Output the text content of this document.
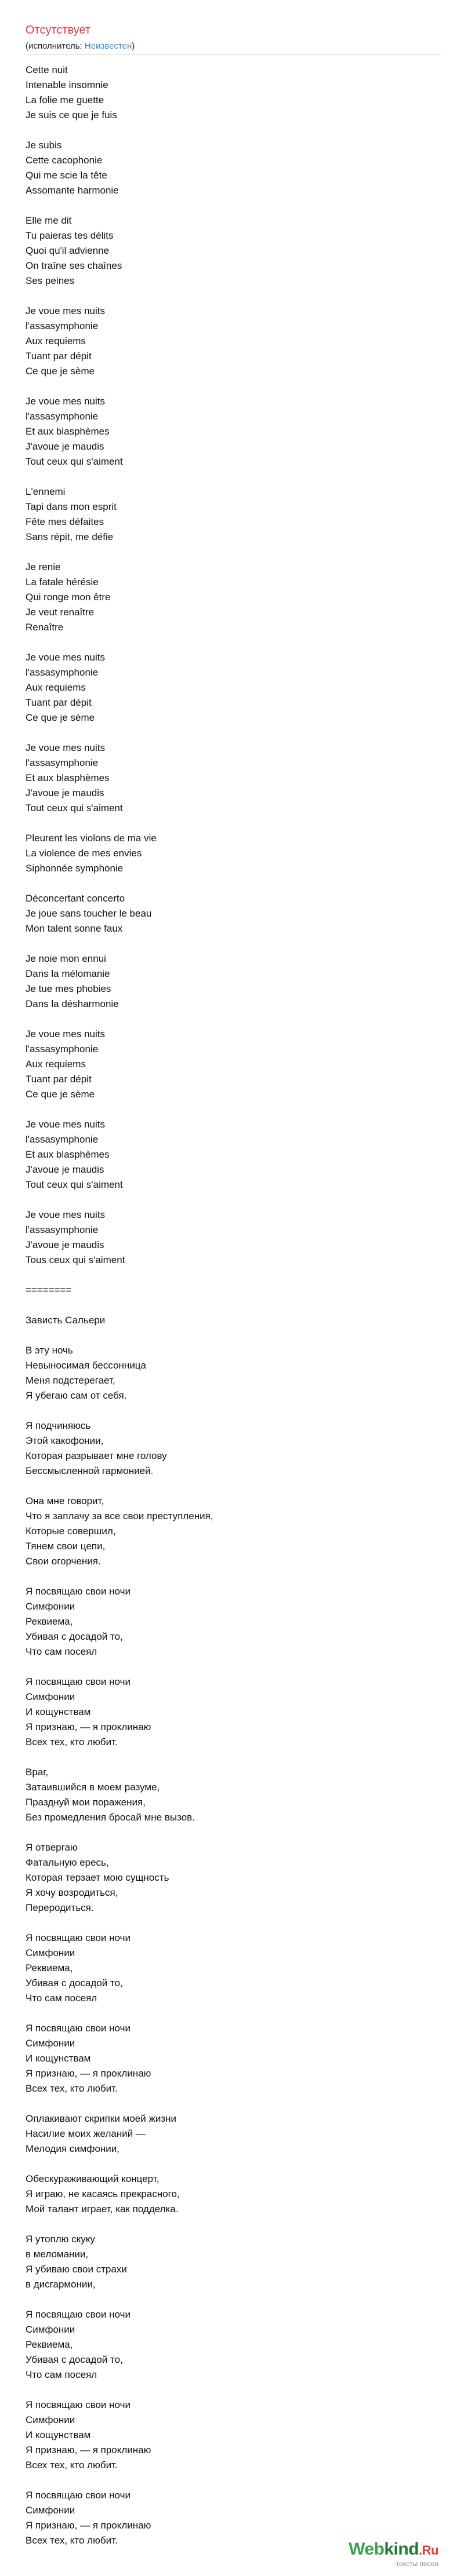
Отсутствует
(исполнитель: Неизвестен)
Cette nuit
Intenable insomnie
La folie me guette
Je suis ce que je fuis
Je subis
Cette cacophonie
Qui me scie la tête
Assomante harmonie
Elle me dit
Tu paieras tes délits
Quoi qu'il advienne
On traîne ses chaînes
Ses peines
Je voue mes nuits
l'assasymphonie
Aux requiems
Tuant par dépit
Ce que je sème
Je voue mes nuits
l'assasymphonie
Et aux blasphèmes
J'avoue je maudis
Tout ceux qui s'aiment
L'ennemi
Tapi dans mon esprit
Fête mes défaites
Sans répit, me défie
Je renie
La fatale hérésie
Qui ronge mon être
Je veut renaître
Renaître
Je voue mes nuits
l'assasymphonie
Aux requiems
Tuant par dépit
Ce que je sème
Je voue mes nuits
l'assasymphonie
Et aux blasphèmes
J'avoue je maudis
Tout ceux qui s'aiment
Pleurent les violons de ma vie
La violence de mes envies
Siphonnée symphonie
Déconcertant concerto
Je joue sans toucher le beau
Mon talent sonne faux
Je noie mon ennui
Dans la mélomanie
Je tue mes phobies
Dans la désharmonie
Je voue mes nuits
l'assasymphonie
Aux requiems
Tuant par dépit
Ce que je sème
Je voue mes nuits
l'assasymphonie
Et aux blasphèmes
J'avoue je maudis
Tout ceux qui s'aiment
Je voue mes nuits
l'assasymphonie
J'avoue je maudis
Tous ceux qui s'aiment
========
Зависть Сальери
В эту ночь
Невыносимая бессонница
Меня подстерегает,
Я убегаю сам от себя.
Я подчиняюсь
Этой какофонии,
Которая разрывает мне голову
Бессмысленной гармонией.
Она мне говорит,
Что я заплачу за все свои преступления,
Которые совершил,
Тянем свои цепи,
Свои огорчения.
Я посвящаю свои ночи
Симфонии
Реквиема,
Убивая с досадой то,
Что сам посеял
Я посвящаю свои ночи
Симфонии
И кощунствам
Я признаю, — я проклинаю
Всех тех, кто любит.
Враг,
Затаившийся в моем разуме,
Празднуй мои поражения,
Без промедления бросай мне вызов.
Я отвергаю
Фатальную ересь,
Которая терзает мою сущность
Я хочу возродиться,
Переродиться.
Я посвящаю свои ночи
Симфонии
Реквиема,
Убивая с досадой то,
Что сам посеял
Я посвящаю свои ночи
Симфонии
И кощунствам
Я признаю, — я проклинаю
Всех тех, кто любит.
Оплакивают скрипки моей жизни
Насилие моих желаний —
Мелодия симфонии,
Обескураживающий концерт,
Я играю, не касаясь прекрасного,
Мой талант играет, как подделка.
Я утоплю скуку
в меломании,
Я убиваю свои страхи
в дисгармонии,
Я посвящаю свои ночи
Симфонии
Реквиема,
Убивая с досадой то,
Что сам посеял
Я посвящаю свои ночи
Симфонии
И кощунствам
Я признаю, — я проклинаю
Всех тех, кто любит.
Я посвящаю свои ночи
Симфонии
Я признаю, — я проклинаю
Всех тех, кто любит.	Webkind.Ru
тексты песен
